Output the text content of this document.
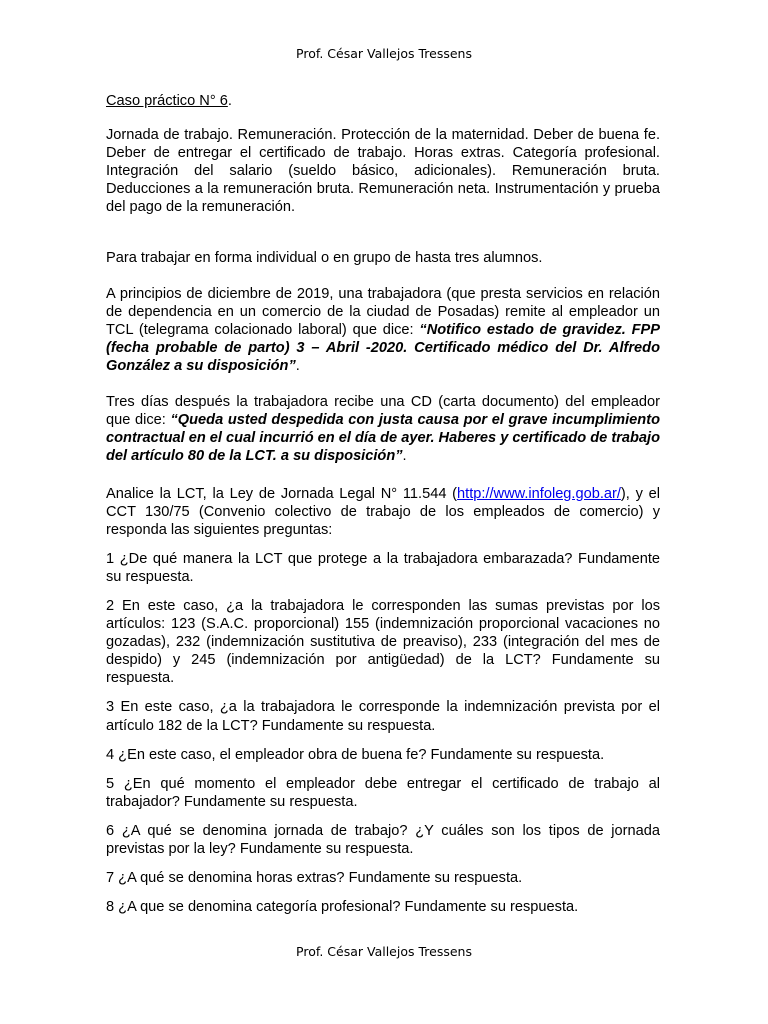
Prof. César Vallejos Tressens

Caso práctico N° 6.

Jornada de trabajo. Remuneración. Protección de la maternidad. Deber de buena fe. Deber de entregar el certificado de trabajo. Horas extras. Categoría profesional. Integración del salario (sueldo básico, adicionales). Remuneración bruta. Deducciones a la remuneración bruta. Remuneración neta. Instrumentación y prueba del pago de la remuneración.

Para trabajar en forma individual o en grupo de hasta tres alumnos.

A principios de diciembre de 2019, una trabajadora (que presta servicios en relación de dependencia en un comercio de la ciudad de Posadas) remite al empleador un TCL (telegrama colacionado laboral) que dice: “Notifico estado de gravidez. FPP (fecha probable de parto) 3 – Abril -2020. Certificado médico del Dr. Alfredo González a su disposición”.

Tres días después la trabajadora recibe una CD (carta documento) del empleador que dice: “Queda usted despedida con justa causa por el grave incumplimiento contractual en el cual incurrió en el día de ayer. Haberes y certificado de trabajo del artículo 80 de la LCT. a su disposición”.

Analice la LCT, la Ley de Jornada Legal N° 11.544 (http://www.infoleg.gob.ar/), y el CCT 130/75 (Convenio colectivo de trabajo de los empleados de comercio) y responda las siguientes preguntas:

1 ¿De qué manera la LCT que protege a la trabajadora embarazada? Fundamente su respuesta.

2 En este caso, ¿a la trabajadora le corresponden las sumas previstas por los artículos: 123 (S.A.C. proporcional) 155 (indemnización proporcional vacaciones no gozadas), 232 (indemnización sustitutiva de preaviso), 233 (integración del mes de despido) y 245 (indemnización por antigüedad) de la LCT? Fundamente su respuesta.

3 En este caso, ¿a la trabajadora le corresponde la indemnización prevista por el artículo 182 de la LCT? Fundamente su respuesta.

4 ¿En este caso, el empleador obra de buena fe? Fundamente su respuesta.

5 ¿En qué momento el empleador debe entregar el certificado de trabajo al trabajador? Fundamente su respuesta.

6 ¿A qué se denomina jornada de trabajo? ¿Y cuáles son los tipos de jornada previstas por la ley? Fundamente su respuesta.

7 ¿A qué se denomina horas extras? Fundamente su respuesta.

8 ¿A que se denomina categoría profesional? Fundamente su respuesta.

Prof. César Vallejos Tressens
